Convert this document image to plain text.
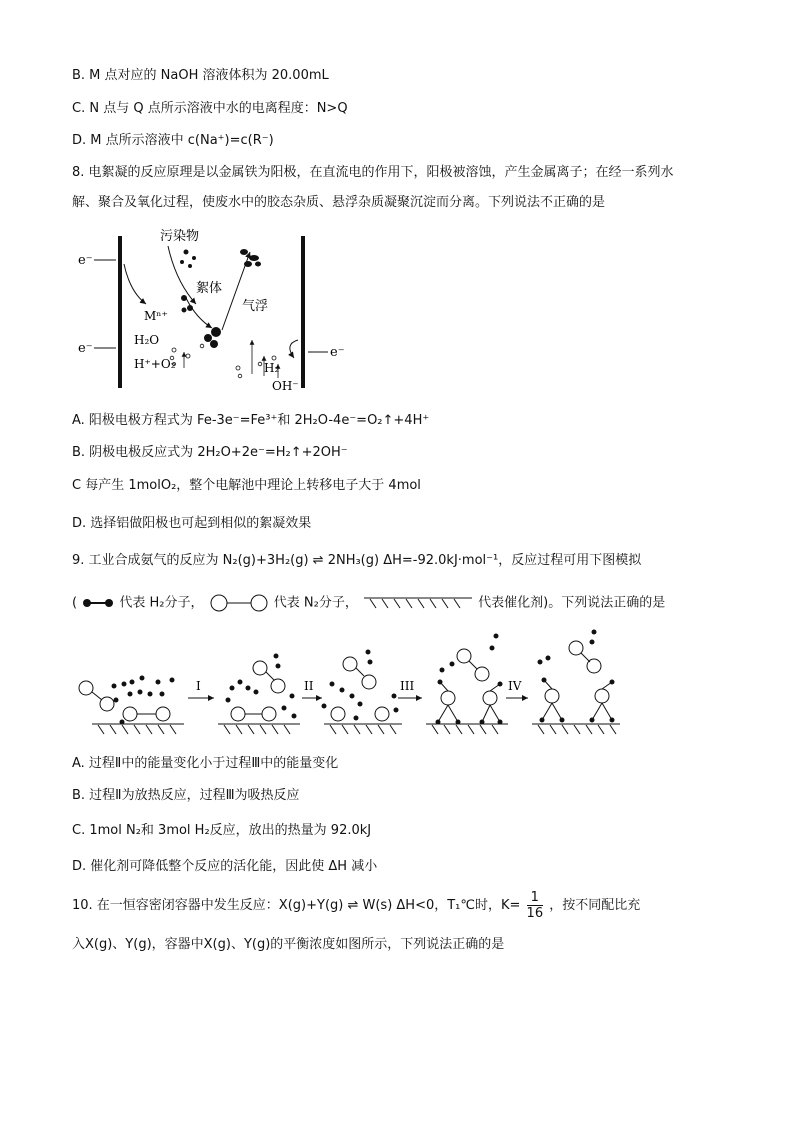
B. M 点对应的 NaOH 溶液体积为 20.00mL
C. N 点与 Q 点所示溶液中水的电离程度：N>Q
D. M 点所示溶液中 c(Na⁺)=c(R⁻)
8. 电絮凝的反应原理是以金属铁为阳极，在直流电的作用下，阳极被溶蚀，产生金属离子；在经一系列水
解、聚合及氧化过程，使废水中的胶态杂质、悬浮杂质凝聚沉淀而分离。下列说法不正确的是
e⁻
e⁻	e⁻
污染物
絮体
气浮
Mⁿ⁺
H₂O
H⁺+O₂	H₂
OH⁻
A. 阳极电极方程式为 Fe-3e⁻=Fe³⁺和 2H₂O-4e⁻=O₂↑+4H⁺
B. 阴极电极反应式为 2H₂O+2e⁻=H₂↑+2OH⁻
C 每产生 1molO₂，整个电解池中理论上转移电子大于 4mol
D. 选择铝做阳极也可起到相似的絮凝效果
9. 工业合成氨气的反应为 N₂(g)+3H₂(g) ⇌ 2NH₃(g) ΔH=-92.0kJ·mol⁻¹，反应过程可用下图模拟
(	代表 H₂分子，	代表 N₂分子，	代表催化剂)。下列说法正确的是
I	II	III	IV
A. 过程Ⅱ中的能量变化小于过程Ⅲ中的能量变化
B. 过程Ⅱ为放热反应，过程Ⅲ为吸热反应
C. 1mol N₂和 3mol H₂反应，放出的热量为 92.0kJ
D. 催化剂可降低整个反应的活化能，因此使 ΔH 减小
10. 在一恒容密闭容器中发生反应：X(g)+Y(g) ⇌ W(s) ΔH<0，T₁℃时，$K= \frac{1}{16}$ ，按不同配比充
入X(g)、Y(g)，容器中X(g)、Y(g)的平衡浓度如图所示，下列说法正确的是
